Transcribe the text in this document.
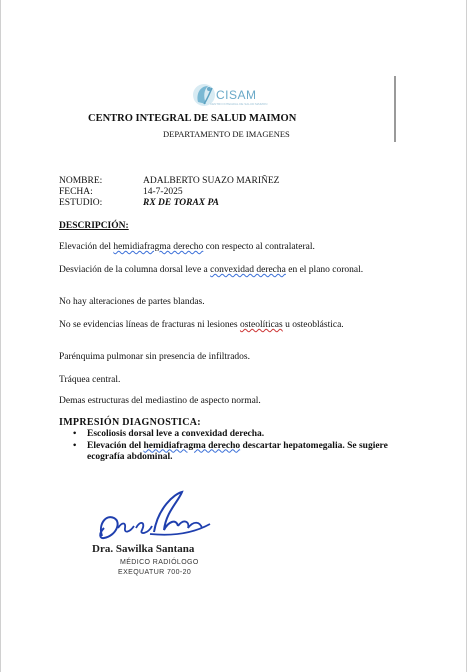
CISAM
CENTRO INTEGRAL DE SALUD MAIMON
CENTRO INTEGRAL DE SALUD MAIMON
DEPARTAMENTO DE IMAGENES
NOMBRE:	ADALBERTO SUAZO MARIÑEZ
FECHA:	14-7-2025
ESTUDIO:	RX DE TORAX PA
DESCRIPCIÓN:
Elevación del hemidiafragma derecho con respecto al contralateral.
Desviación de la columna dorsal leve a convexidad derecha en el plano coronal.
No hay alteraciones de partes blandas.
No se evidencias líneas de fracturas ni lesiones osteolíticas u osteoblástica.
Parénquima pulmonar sin presencia de infiltrados.
Tráquea central.
Demas estructuras del mediastino de aspecto normal.
IMPRESIÓN DIAGNOSTICA:
• Escoliosis dorsal leve a convexidad derecha.
• Elevación del hemidiafragma derecho descartar hepatomegalia. Se sugiere ecografía abdominal.
Dra. Sawilka Santana
MÉDICO RADIÓLOGO
EXEQUATUR 700-20
